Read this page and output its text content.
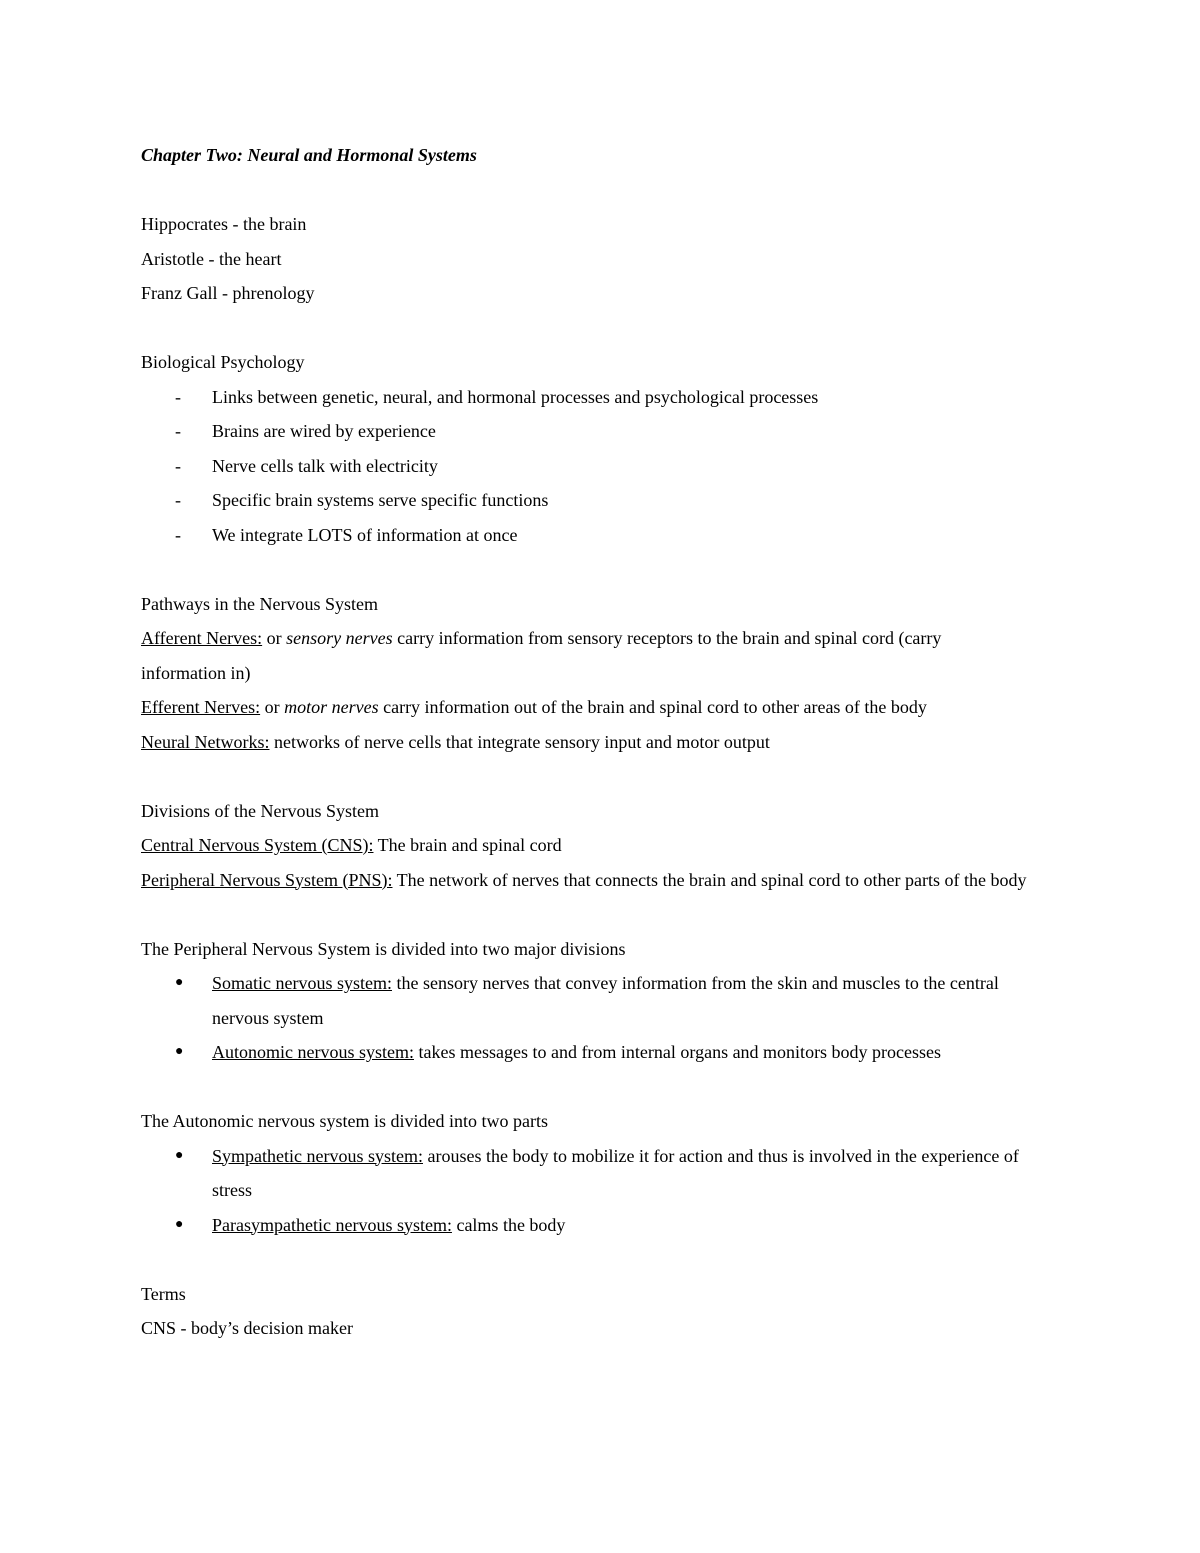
Chapter Two: Neural and Hormonal Systems
Hippocrates - the brain
Aristotle - the heart
Franz Gall - phrenology
Biological Psychology
- Links between genetic, neural, and hormonal processes and psychological processes
- Brains are wired by experience
- Nerve cells talk with electricity
- Specific brain systems serve specific functions
- We integrate LOTS of information at once
Pathways in the Nervous System
Afferent Nerves: or sensory nerves carry information from sensory receptors to the brain and spinal cord (carry information in)
Efferent Nerves: or motor nerves carry information out of the brain and spinal cord to other areas of the body
Neural Networks: networks of nerve cells that integrate sensory input and motor output
Divisions of the Nervous System
Central Nervous System (CNS): The brain and spinal cord
Peripheral Nervous System (PNS): The network of nerves that connects the brain and spinal cord to other parts of the body
The Peripheral Nervous System is divided into two major divisions
● Somatic nervous system: the sensory nerves that convey information from the skin and muscles to the central nervous system
● Autonomic nervous system: takes messages to and from internal organs and monitors body processes
The Autonomic nervous system is divided into two parts
● Sympathetic nervous system: arouses the body to mobilize it for action and thus is involved in the experience of stress
● Parasympathetic nervous system: calms the body
Terms
CNS - body’s decision maker
